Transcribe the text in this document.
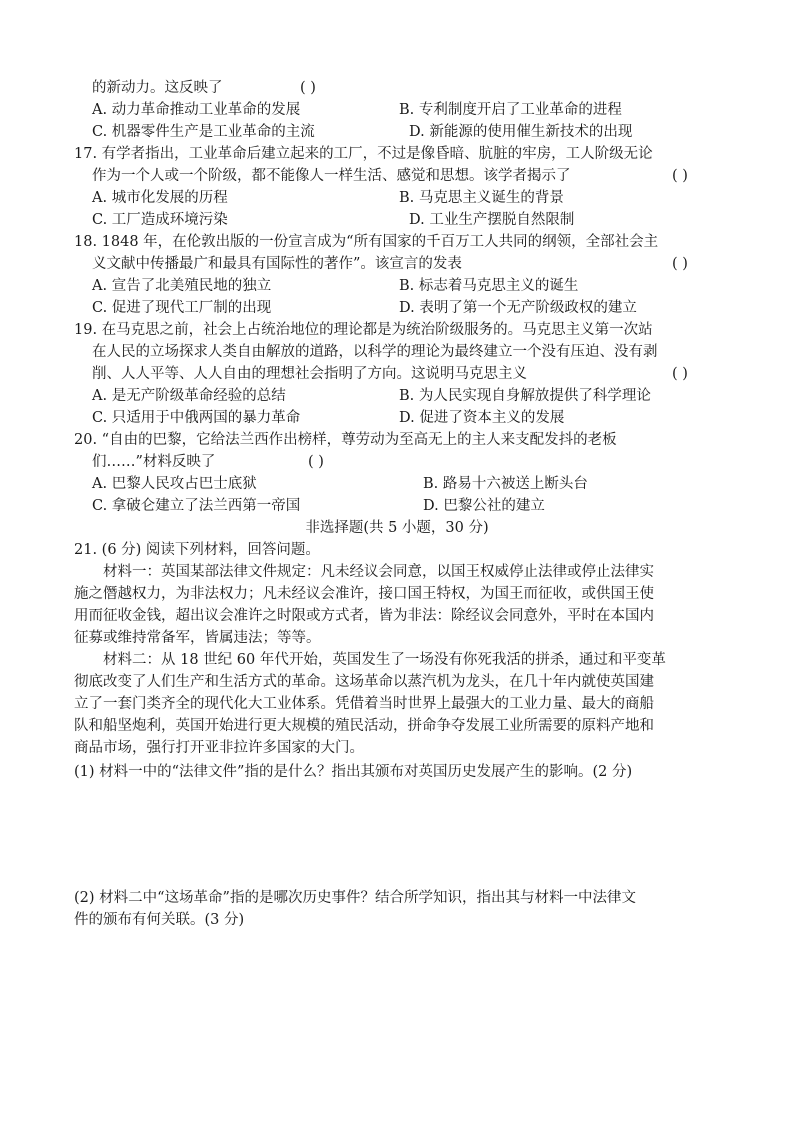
的新动力。这反映了	( )
A. 动力革命推动工业革命的发展	B. 专利制度开启了工业革命的进程
C. 机器零件生产是工业革命的主流	D. 新能源的使用催生新技术的出现
17. 有学者指出，工业革命后建立起来的工厂，不过是像昏暗、肮脏的牢房，工人阶级无论
作为一个人或一个阶级，都不能像人一样生活、感觉和思想。该学者揭示了	( )
A. 城市化发展的历程	B. 马克思主义诞生的背景
C. 工厂造成环境污染	D. 工业生产摆脱自然限制
18. 1848 年，在伦敦出版的一份宣言成为“所有国家的千百万工人共同的纲领，全部社会主
义文献中传播最广和最具有国际性的著作”。该宣言的发表	( )
A. 宣告了北美殖民地的独立	B. 标志着马克思主义的诞生
C. 促进了现代工厂制的出现	D. 表明了第一个无产阶级政权的建立
19. 在马克思之前，社会上占统治地位的理论都是为统治阶级服务的。马克思主义第一次站
在人民的立场探求人类自由解放的道路，以科学的理论为最终建立一个没有压迫、没有剥
削、人人平等、人人自由的理想社会指明了方向。这说明马克思主义	( )
A. 是无产阶级革命经验的总结	B. 为人民实现自身解放提供了科学理论
C. 只适用于中俄两国的暴力革命	D. 促进了资本主义的发展
20. “自由的巴黎，它给法兰西作出榜样，尊劳动为至高无上的主人来支配发抖的老板
们……”材料反映了	( )
A. 巴黎人民攻占巴士底狱	B. 路易十六被送上断头台
C. 拿破仑建立了法兰西第一帝国	D. 巴黎公社的建立
非选择题(共 5 小题，30 分)
21. (6 分) 阅读下列材料，回答问题。
材料一：英国某部法律文件规定：凡未经议会同意，以国王权威停止法律或停止法律实
施之僭越权力，为非法权力；凡未经议会准许，接口国王特权，为国王而征收，或供国王使
用而征收金钱，超出议会准许之时限或方式者，皆为非法：除经议会同意外，平时在本国内
征募或维持常备军，皆属违法；等等。
材料二：从 18 世纪 60 年代开始，英国发生了一场没有你死我活的拼杀，通过和平变革
彻底改变了人们生产和生活方式的革命。这场革命以蒸汽机为龙头，在几十年内就使英国建
立了一套门类齐全的现代化大工业体系。凭借着当时世界上最强大的工业力量、最大的商船
队和船坚炮利，英国开始进行更大规模的殖民活动，拼命争夺发展工业所需要的原料产地和
商品市场，强行打开亚非拉许多国家的大门。
(1) 材料一中的“法律文件”指的是什么？指出其颁布对英国历史发展产生的影响。(2 分)
(2) 材料二中“这场革命”指的是哪次历史事件？结合所学知识，指出其与材料一中法律文
件的颁布有何关联。(3 分)
